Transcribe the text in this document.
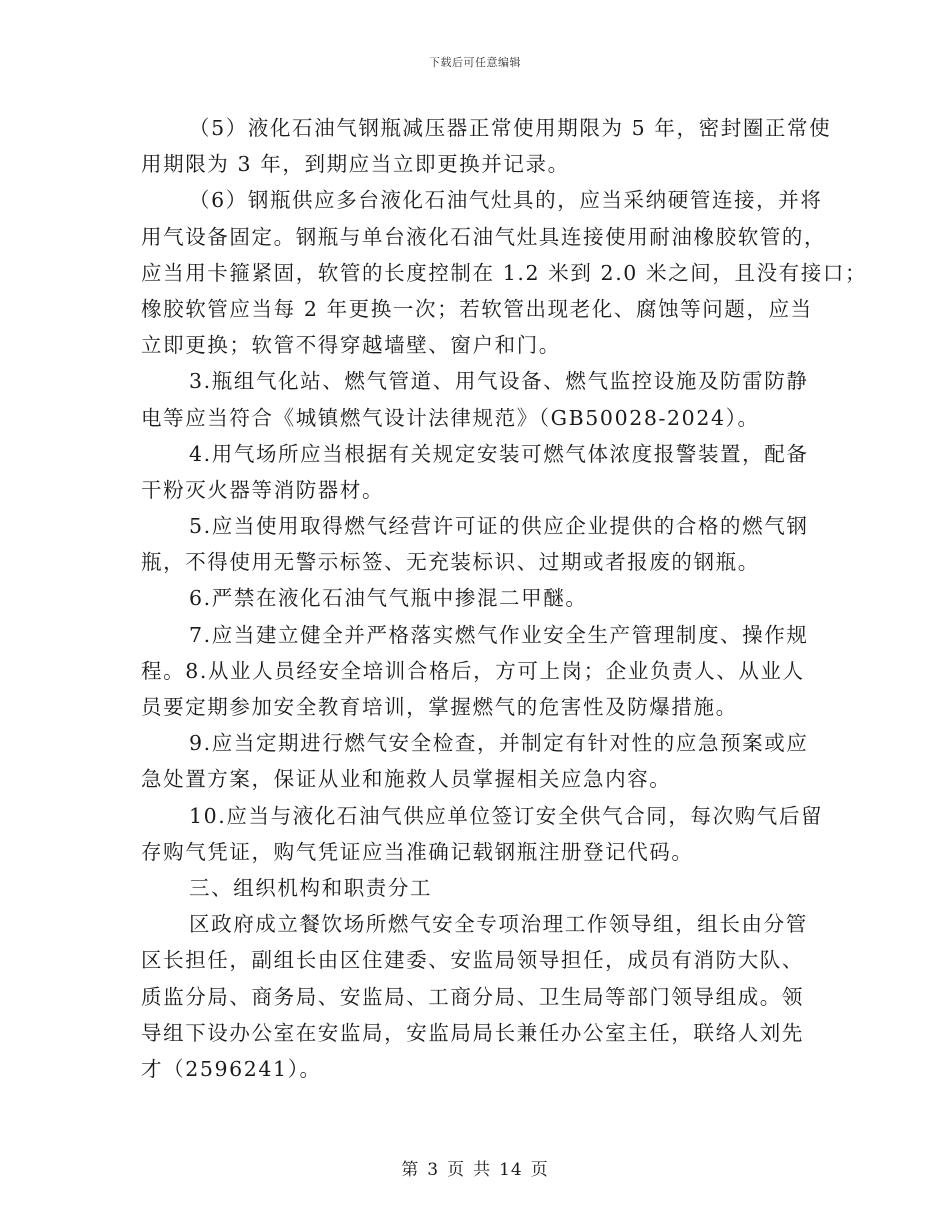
下载后可任意编辑
（5）液化石油气钢瓶减压器正常使用期限为 5 年，密封圈正常使
用期限为 3 年，到期应当立即更换并记录。
（6）钢瓶供应多台液化石油气灶具的，应当采纳硬管连接，并将
用气设备固定。钢瓶与单台液化石油气灶具连接使用耐油橡胶软管的，
应当用卡箍紧固，软管的长度控制在 1.2 米到 2.0 米之间，且没有接口；
橡胶软管应当每 2 年更换一次；若软管出现老化、腐蚀等问题，应当
立即更换；软管不得穿越墙壁、窗户和门。
3.瓶组气化站、燃气管道、用气设备、燃气监控设施及防雷防静
电等应当符合《城镇燃气设计法律规范》（GB50028-2024）。
4.用气场所应当根据有关规定安装可燃气体浓度报警装置，配备
干粉灭火器等消防器材。
5.应当使用取得燃气经营许可证的供应企业提供的合格的燃气钢
瓶，不得使用无警示标签、无充装标识、过期或者报废的钢瓶。
6.严禁在液化石油气气瓶中掺混二甲醚。
7.应当建立健全并严格落实燃气作业安全生产管理制度、操作规
程。8.从业人员经安全培训合格后，方可上岗；企业负责人、从业人
员要定期参加安全教育培训，掌握燃气的危害性及防爆措施。
9.应当定期进行燃气安全检查，并制定有针对性的应急预案或应
急处置方案，保证从业和施救人员掌握相关应急内容。
10.应当与液化石油气供应单位签订安全供气合同，每次购气后留
存购气凭证，购气凭证应当准确记载钢瓶注册登记代码。
三、组织机构和职责分工
区政府成立餐饮场所燃气安全专项治理工作领导组，组长由分管
区长担任，副组长由区住建委、安监局领导担任，成员有消防大队、
质监分局、商务局、安监局、工商分局、卫生局等部门领导组成。领
导组下设办公室在安监局，安监局局长兼任办公室主任，联络人刘先
才（2596241）。
第 3 页 共 14 页
